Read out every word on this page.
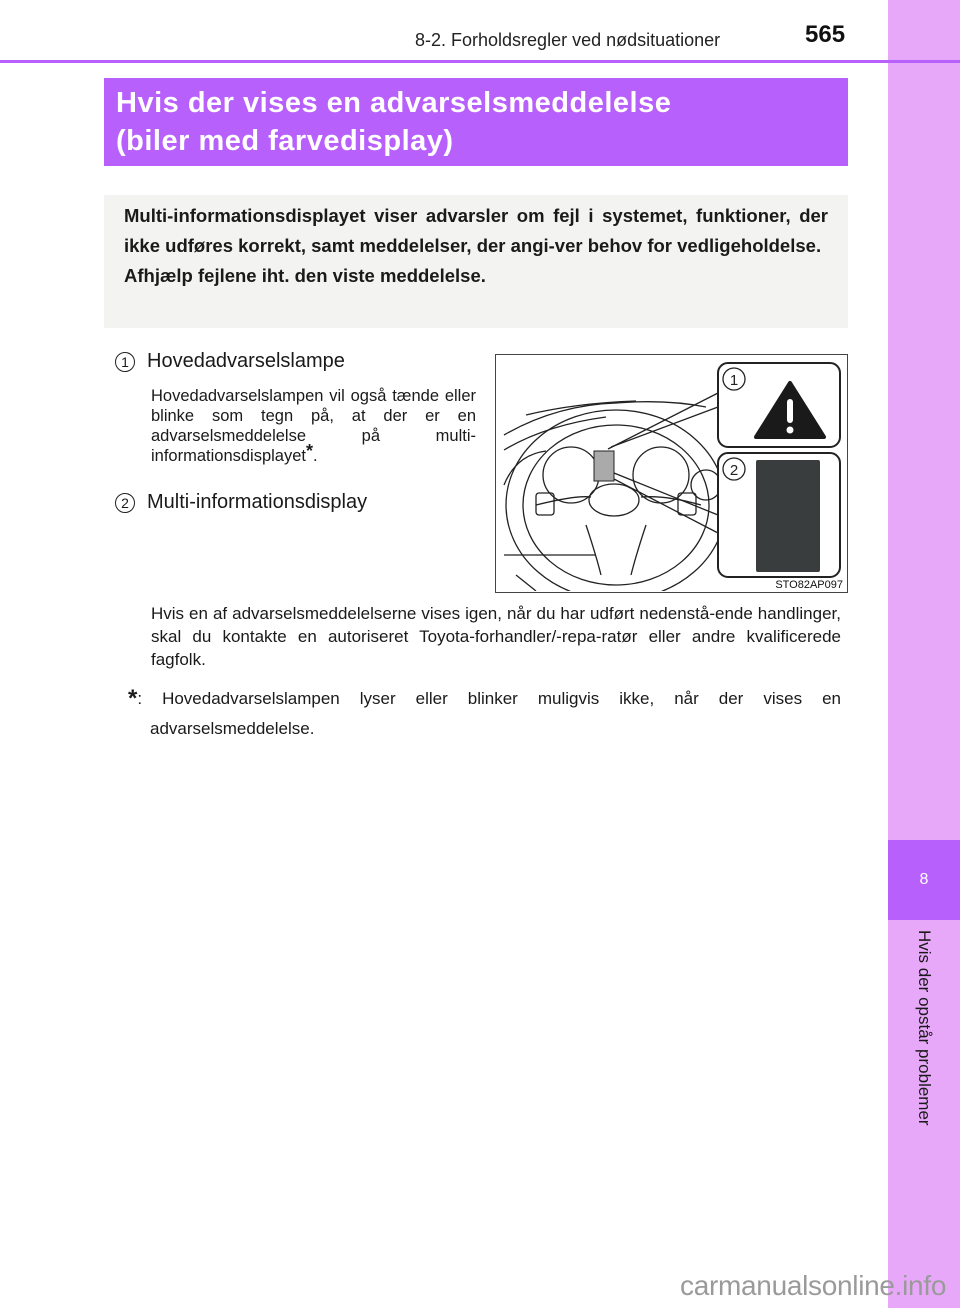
8
Hvis der opstår problemer
8-2. Forholdsregler ved nødsituationer	565
Hvis der vises en advarselsmeddelelse
(biler med farvedisplay)

Multi-informationsdisplayet viser advarsler om fejl i systemet, funktioner, der ikke udføres korrekt, samt meddelelser, der angi-ver behov for vedligeholdelse.

Afhjælp fejlene iht. den viste meddelelse.

1 Hovedadvarselslampe
Hovedadvarselslampen vil også tænde eller blinke som tegn på, at der er en advarselsmeddelelse på multi-informationsdisplayet*.
2 Multi-informationsdisplay
1
2
STO82AP097
Hvis en af advarselsmeddelelserne vises igen, når du har udført nedenstå-ende handlinger, skal du kontakte en autoriseret Toyota-forhandler/-repa-ratør eller andre kvalificerede fagfolk.
*: Hovedadvarselslampen lyser eller blinker muligvis ikke, når der vises en
advarselsmeddelelse.
carmanualsonline.info
